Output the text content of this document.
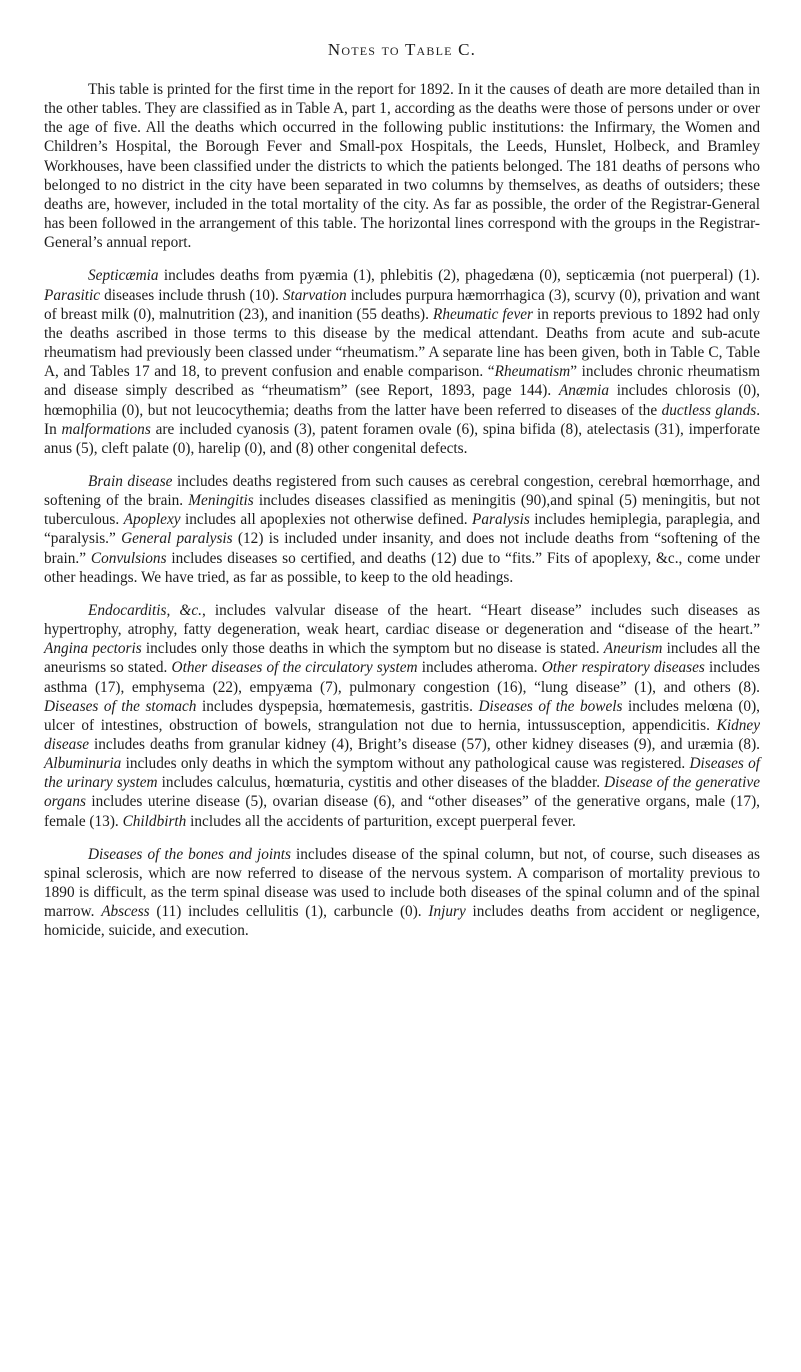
Notes to Table C.

This table is printed for the first time in the report for 1892. In it the causes of death are more detailed than in the other tables. They are classified as in Table A, part 1, according as the deaths were those of persons under or over the age of five. All the deaths which occurred in the following public institutions: the Infirmary, the Women and Children’s Hospital, the Borough Fever and Small-pox Hospitals, the Leeds, Hunslet, Holbeck, and Bramley Workhouses, have been classified under the districts to which the patients belonged. The 181 deaths of persons who belonged to no district in the city have been separated in two columns by themselves, as deaths of outsiders; these deaths are, however, included in the total mortality of the city. As far as possible, the order of the Registrar-General has been followed in the arrangement of this table. The horizontal lines correspond with the groups in the Registrar-General’s annual report.

Septicæmia includes deaths from pyæmia (1), phlebitis (2), phagedæna (0), septicæmia (not puerperal) (1). Parasitic diseases include thrush (10). Starvation includes purpura hæmorrhagica (3), scurvy (0), privation and want of breast milk (0), malnutrition (23), and inanition (55 deaths). Rheumatic fever in reports previous to 1892 had only the deaths ascribed in those terms to this disease by the medical attendant. Deaths from acute and sub-acute rheumatism had previously been classed under “rheumatism.” A separate line has been given, both in Table C, Table A, and Tables 17 and 18, to prevent confusion and enable comparison. “Rheumatism” includes chronic rheumatism and disease simply described as “rheumatism” (see Report, 1893, page 144). Anæmia includes chlorosis (0), hœmophilia (0), but not leucocythemia; deaths from the latter have been referred to diseases of the ductless glands. In malformations are included cyanosis (3), patent foramen ovale (6), spina bifida (8), atelectasis (31), imperforate anus (5), cleft palate (0), harelip (0), and (8) other congenital defects.

Brain disease includes deaths registered from such causes as cerebral congestion, cerebral hœmorrhage, and softening of the brain. Meningitis includes diseases classified as meningitis (90),and spinal (5) meningitis, but not tuberculous. Apoplexy includes all apoplexies not otherwise defined. Paralysis includes hemiplegia, paraplegia, and “paralysis.” General paralysis (12) is included under insanity, and does not include deaths from “softening of the brain.” Convulsions includes diseases so certified, and deaths (12) due to “fits.” Fits of apoplexy, &c., come under other headings. We have tried, as far as possible, to keep to the old headings.

Endocarditis, &c., includes valvular disease of the heart. “Heart disease” includes such diseases as hypertrophy, atrophy, fatty degeneration, weak heart, cardiac disease or degeneration and “disease of the heart.” Angina pectoris includes only those deaths in which the symptom but no disease is stated. Aneurism includes all the aneurisms so stated. Other diseases of the circulatory system includes atheroma. Other respiratory diseases includes asthma (17), emphysema (22), empyæma (7), pulmonary congestion (16), “lung disease” (1), and others (8). Diseases of the stomach includes dyspepsia, hœmatemesis, gastritis. Diseases of the bowels includes melœna (0), ulcer of intestines, obstruction of bowels, strangulation not due to hernia, intussusception, appendicitis. Kidney disease includes deaths from granular kidney (4), Bright’s disease (57), other kidney diseases (9), and uræmia (8). Albuminuria includes only deaths in which the symptom without any pathological cause was registered. Diseases of the urinary system includes calculus, hœmaturia, cystitis and other diseases of the bladder. Disease of the generative organs includes uterine disease (5), ovarian disease (6), and “other diseases” of the generative organs, male (17), female (13). Childbirth includes all the accidents of parturition, except puerperal fever.

Diseases of the bones and joints includes disease of the spinal column, but not, of course, such diseases as spinal sclerosis, which are now referred to disease of the nervous system. A comparison of mortality previous to 1890 is difficult, as the term spinal disease was used to include both diseases of the spinal column and of the spinal marrow. Abscess (11) includes cellulitis (1), carbuncle (0). Injury includes deaths from accident or negligence, homicide, suicide, and execution.
